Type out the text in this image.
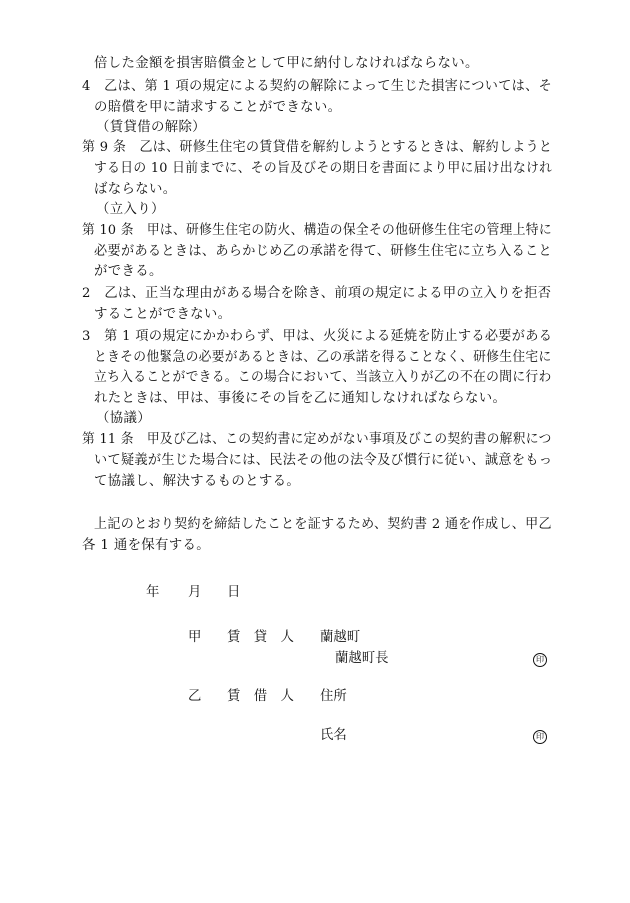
倍した金額を損害賠償金として甲に納付しなければならない。

4　乙は、第 1 項の規定による契約の解除によって生じた損害については、そ

の賠償を甲に請求することができない。

（賃貸借の解除）

第 9 条　乙は、研修生住宅の賃貸借を解約しようとするときは、解約しようと

する日の 10 日前までに、その旨及びその期日を書面により甲に届け出なけれ

ばならない。

（立入り）

第 10 条　甲は、研修生住宅の防火、構造の保全その他研修生住宅の管理上特に

必要があるときは、あらかじめ乙の承諾を得て、研修生住宅に立ち入ること

ができる。

2　乙は、正当な理由がある場合を除き、前項の規定による甲の立入りを拒否

することができない。

3　第 1 項の規定にかかわらず、甲は、火災による延焼を防止する必要がある

ときその他緊急の必要があるときは、乙の承諾を得ることなく、研修生住宅に

立ち入ることができる。この場合において、当該立入りが乙の不在の間に行わ

れたときは、甲は、事後にその旨を乙に通知しなければならない。

（協議）

第 11 条　甲及び乙は、この契約書に定めがない事項及びこの契約書の解釈につ

いて疑義が生じた場合には、民法その他の法令及び慣行に従い、誠意をもっ

て協議し、解決するものとする。

上記のとおり契約を締結したことを証するため、契約書 2 通を作成し、甲乙

各 1 通を保有する。

年 月 日
甲 賃　貸　人 蘭越町
蘭越町長	印
乙 賃　借　人 住所
氏名	印
